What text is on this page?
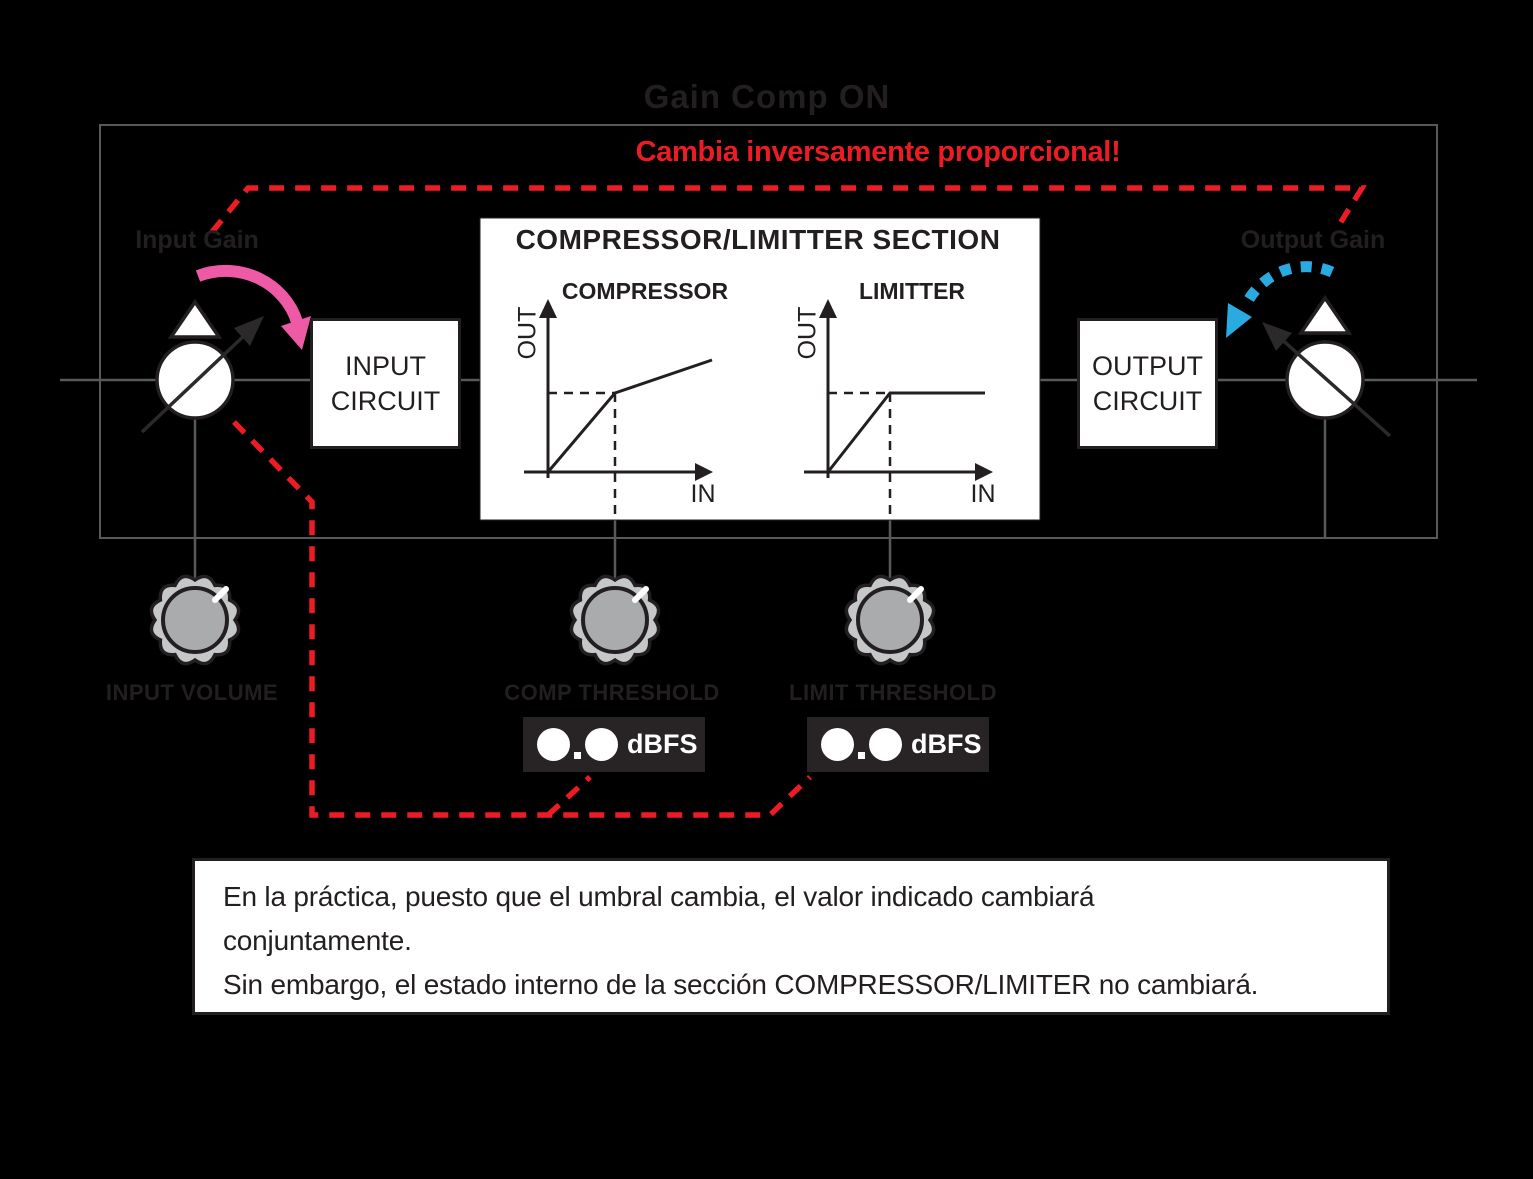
Gain Comp ON
Cambia inversamente proporcional!
Input Gain	Output Gain
COMPRESSOR/LIMITTER SECTION
COMPRESSOR	LIMITTER
OUT	OUT
IN	IN
INPUT
CIRCUIT
OUTPUT
CIRCUIT
INPUT VOLUME	COMP THRESHOLD	LIMIT THRESHOLD
dBFS	dBFS
En la práctica, puesto que el umbral cambia, el valor indicado cambiará
conjuntamente.
Sin embargo, el estado interno de la sección COMPRESSOR/LIMITER no cambiará.
